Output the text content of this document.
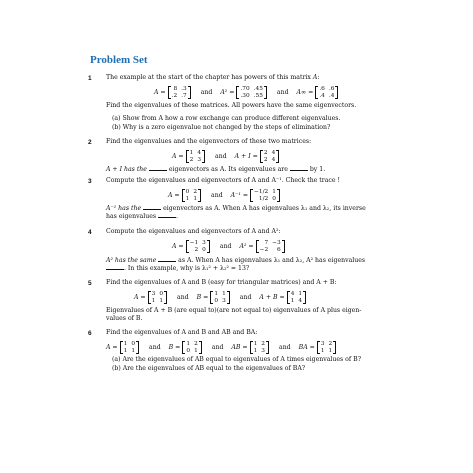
Problem Set
1 The example at the start of the chapter has powers of this matrix A:
A =
8 .3
.2 .7 and A² =
.70 .45
.30 .55 and A∞ =
.6 .6
.4 .4
Find the eigenvalues of these matrices. All powers have the same eigenvectors.
(a) Show from A how a row exchange can produce different eigenvalues.
(b) Why is a zero eigenvalue not changed by the steps of elimination?
2 Find the eigenvalues and the eigenvectors of these two matrices:
A =
1 4
2 3 and A + I =
2 4
2 4
A + I has the	eigenvectors as A. Its eigenvalues are	by 1.
3 Compute the eigenvalues and eigenvectors of A and A⁻¹. Check the trace !
A =
0 2
1 1 and A⁻¹ =
−1/2 1
1/2 0
A⁻¹ has the	eigenvectors as A. When A has eigenvalues λ₁ and λ₂, its inverse
has eigenvalues	.
4 Compute the eigenvalues and eigenvectors of A and A²:
A =
−1 3
2 0 and A² =
7 −3
−2	6
A² has the same	as A. When A has eigenvalues λ₁ and λ₂, A² has eigenvalues
. In this example, why is λ₁² + λ₂² = 13?
5 Find the eigenvalues of A and B (easy for triangular matrices) and A + B:
A =
3 0
1 1 and B =
1 1
0 3 and A + B =
4 1
1 4
Eigenvalues of A + B (are equal to)(are not equal to) eigenvalues of A plus eigen-
values of B.
6 Find the eigenvalues of A and B and AB and BA:
A =
1 0
1 1 and B =
1 2
0 1 and AB =
1 2
1 3 and BA =
3 2
1 1
(a) Are the eigenvalues of AB equal to eigenvalues of A times eigenvalues of B?
(b) Are the eigenvalues of AB equal to the eigenvalues of BA?
